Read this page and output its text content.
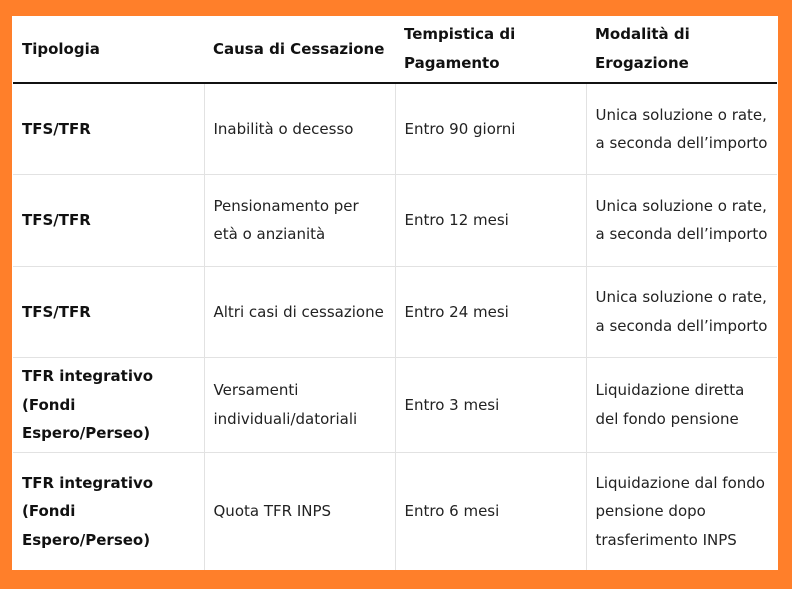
Tipologia	Causa di Cessazione	Tempistica di Pagamento	Modalità di Erogazione
TFS/TFR	Inabilità o decesso	Entro 90 giorni	Unica soluzione o rate, a seconda dell’importo
TFS/TFR	Pensionamento per età o anzianità	Entro 12 mesi	Unica soluzione o rate, a seconda dell’importo
TFS/TFR	Altri casi di cessazione	Entro 24 mesi	Unica soluzione o rate, a seconda dell’importo
TFR integrativo (Fondi Espero/Perseo)	Versamenti individuali/datoriali	Entro 3 mesi	Liquidazione diretta del fondo pensione
TFR integrativo (Fondi Espero/Perseo)	Quota TFR INPS	Entro 6 mesi	Liquidazione dal fondo pensione dopo trasferimento INPS
